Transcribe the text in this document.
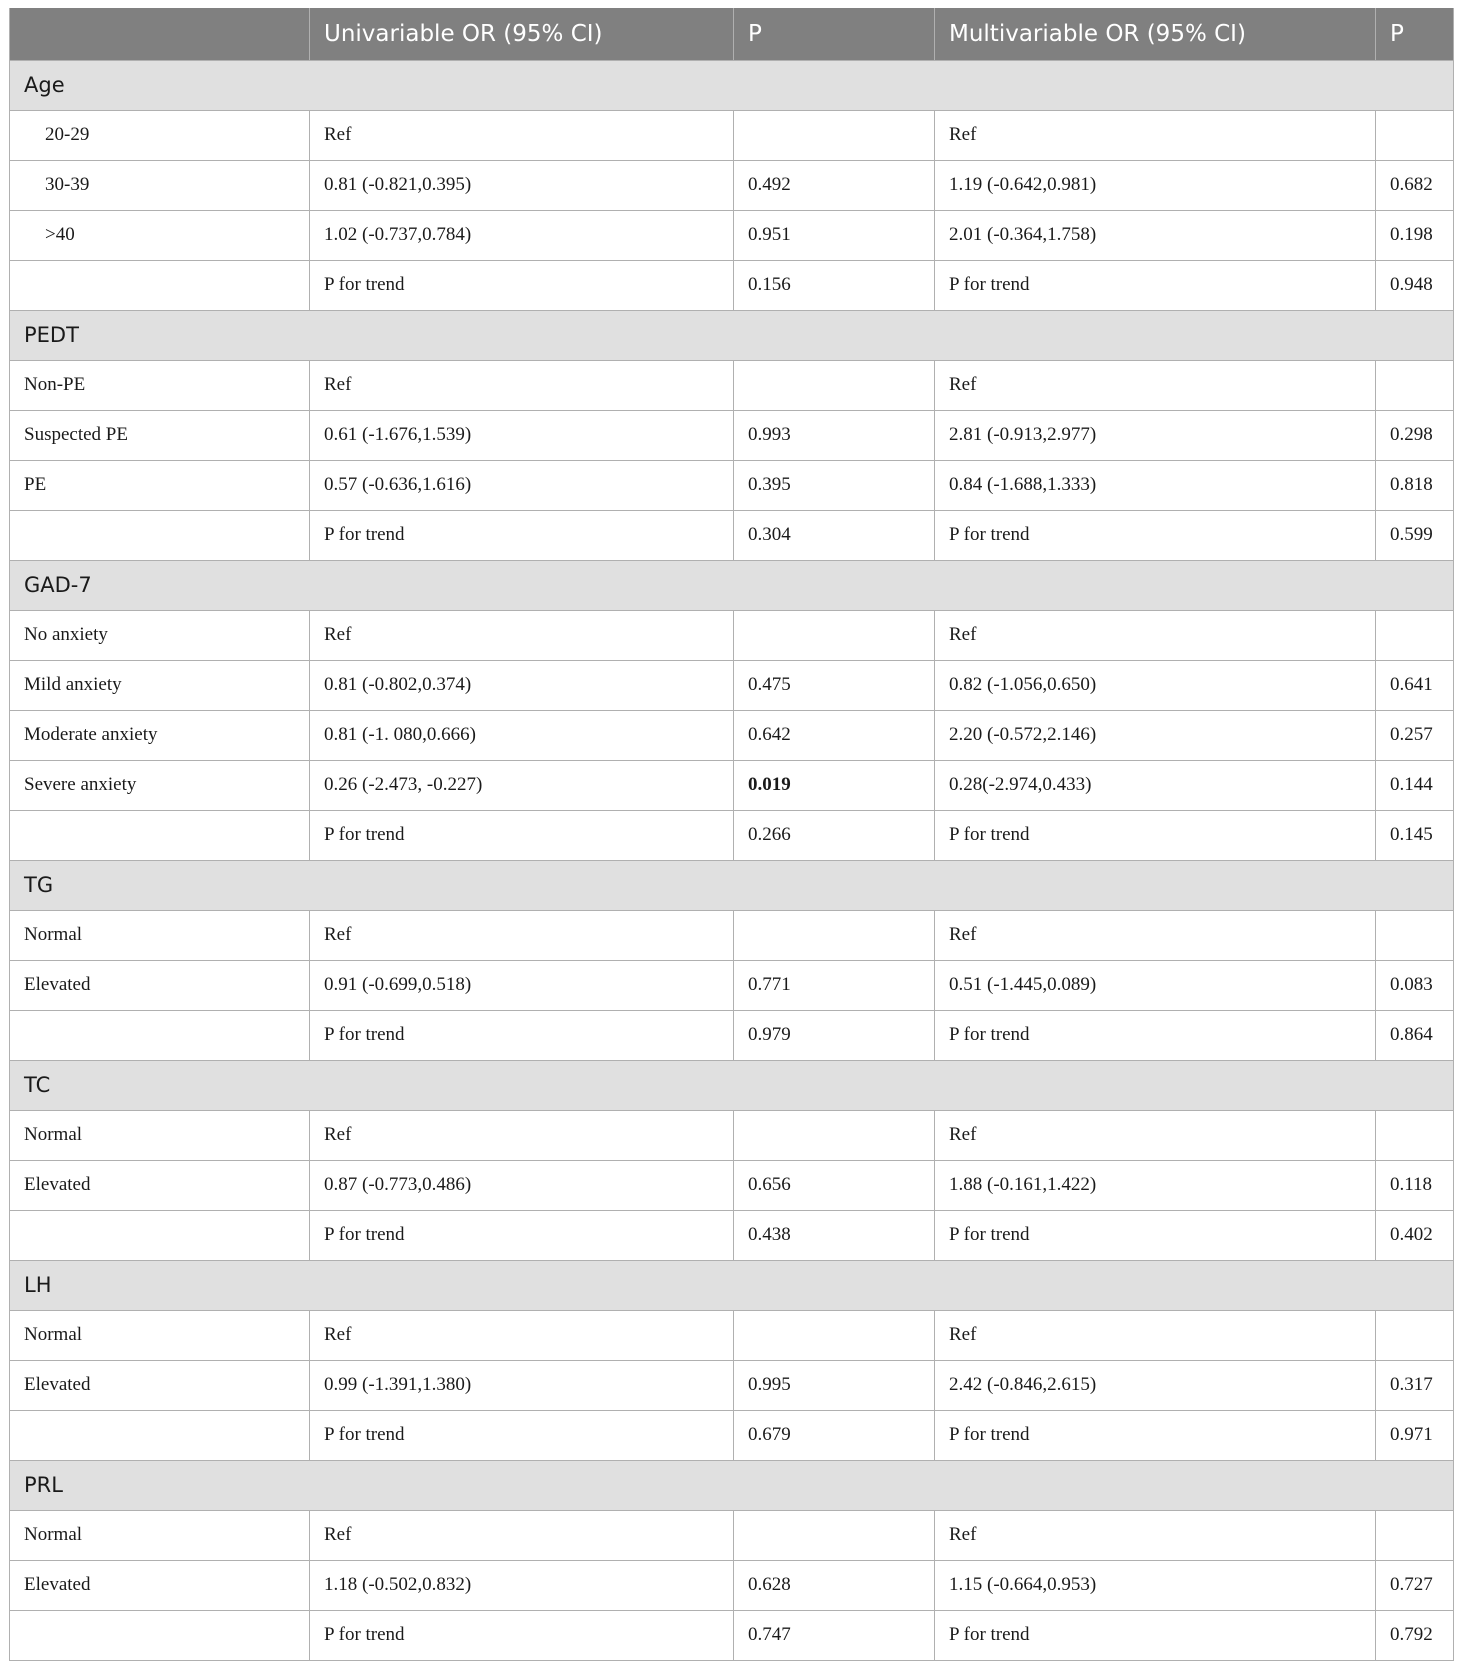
	Univariable OR (95% CI)	P	Multivariable OR (95% CI)	P
Age				
20-29	Ref		Ref	
30-39	0.81 (-0.821,0.395)	0.492	1.19 (-0.642,0.981)	0.682
>40	1.02 (-0.737,0.784)	0.951	2.01 (-0.364,1.758)	0.198
	P for trend	0.156	P for trend	0.948
PEDT				
Non-PE	Ref		Ref	
Suspected PE	0.61 (-1.676,1.539)	0.993	2.81 (-0.913,2.977)	0.298
PE	0.57 (-0.636,1.616)	0.395	0.84 (-1.688,1.333)	0.818
	P for trend	0.304	P for trend	0.599
GAD-7				
No anxiety	Ref		Ref	
Mild anxiety	0.81 (-0.802,0.374)	0.475	0.82 (-1.056,0.650)	0.641
Moderate anxiety	0.81 (-1. 080,0.666)	0.642	2.20 (-0.572,2.146)	0.257
Severe anxiety	0.26 (-2.473, -0.227)	0.019	0.28(-2.974,0.433)	0.144
	P for trend	0.266	P for trend	0.145
TG				
Normal	Ref		Ref	
Elevated	0.91 (-0.699,0.518)	0.771	0.51 (-1.445,0.089)	0.083
	P for trend	0.979	P for trend	0.864
TC				
Normal	Ref		Ref	
Elevated	0.87 (-0.773,0.486)	0.656	1.88 (-0.161,1.422)	0.118
	P for trend	0.438	P for trend	0.402
LH				
Normal	Ref		Ref	
Elevated	0.99 (-1.391,1.380)	0.995	2.42 (-0.846,2.615)	0.317
	P for trend	0.679	P for trend	0.971
PRL				
Normal	Ref		Ref	
Elevated	1.18 (-0.502,0.832)	0.628	1.15 (-0.664,0.953)	0.727
	P for trend	0.747	P for trend	0.792
